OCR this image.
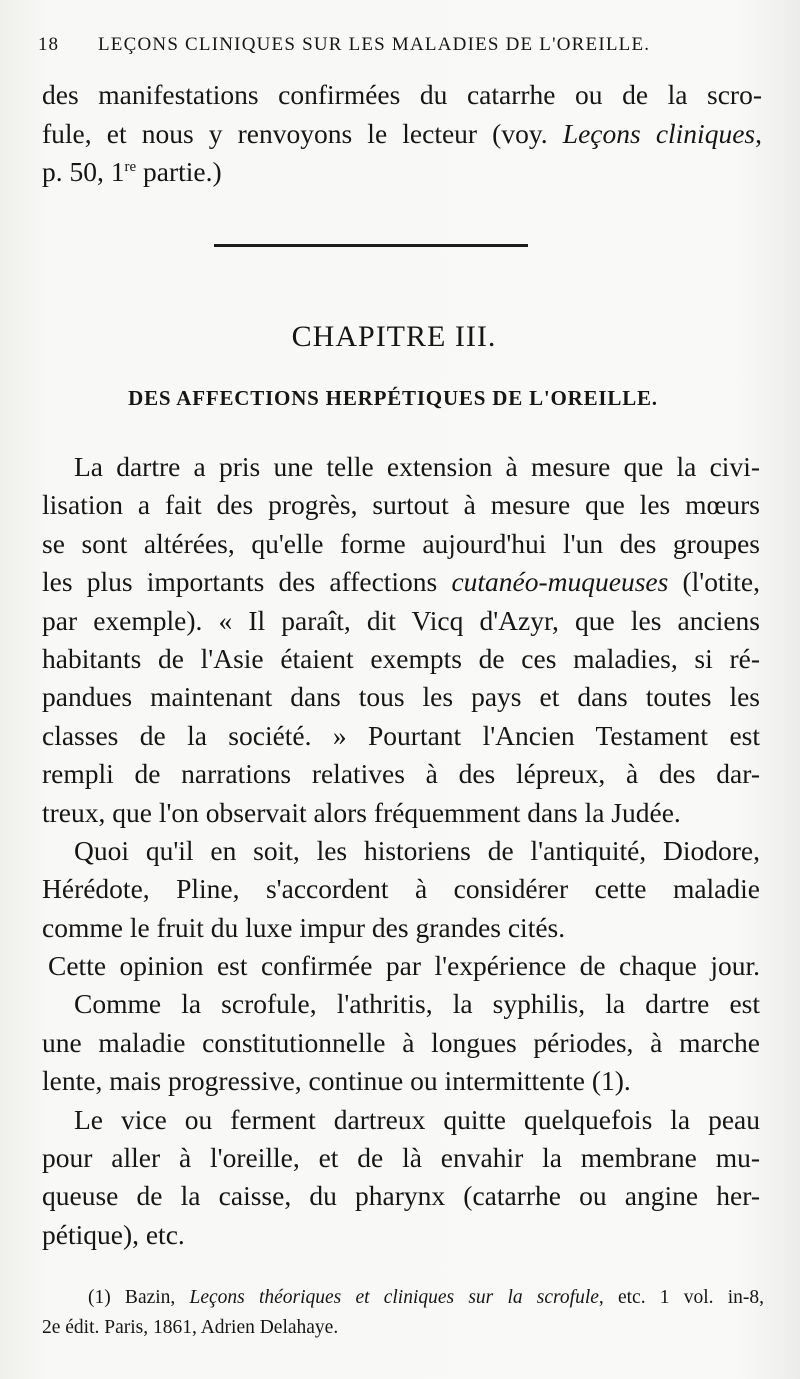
18 LEÇONS CLINIQUES SUR LES MALADIES DE L'OREILLE.
des manifestations confirmées du catarrhe ou de la scro-
fule, et nous y renvoyons le lecteur (voy. Leçons cliniques,
p. 50, 1re partie.)
CHAPITRE III.
DES AFFECTIONS HERPÉTIQUES DE L'OREILLE.
La dartre a pris une telle extension à mesure que la civi-
lisation a fait des progrès, surtout à mesure que les mœurs
se sont altérées, qu'elle forme aujourd'hui l'un des groupes
les plus importants des affections cutanéo-muqueuses (l'otite,
par exemple). « Il paraît, dit Vicq d'Azyr, que les anciens
habitants de l'Asie étaient exempts de ces maladies, si ré-
pandues maintenant dans tous les pays et dans toutes les
classes de la société. » Pourtant l'Ancien Testament est
rempli de narrations relatives à des lépreux, à des dar-
treux, que l'on observait alors fréquemment dans la Judée.
Quoi qu'il en soit, les historiens de l'antiquité, Diodore,
Hérédote, Pline, s'accordent à considérer cette maladie
comme le fruit du luxe impur des grandes cités.
Cette opinion est confirmée par l'expérience de chaque jour.
Comme la scrofule, l'athritis, la syphilis, la dartre est
une maladie constitutionnelle à longues périodes, à marche
lente, mais progressive, continue ou intermittente (1).
Le vice ou ferment dartreux quitte quelquefois la peau
pour aller à l'oreille, et de là envahir la membrane mu-
queuse de la caisse, du pharynx (catarrhe ou angine her-
pétique), etc.
(1) Bazin, Leçons théoriques et cliniques sur la scrofule, etc. 1 vol. in-8,
2e édit. Paris, 1861, Adrien Delahaye.
